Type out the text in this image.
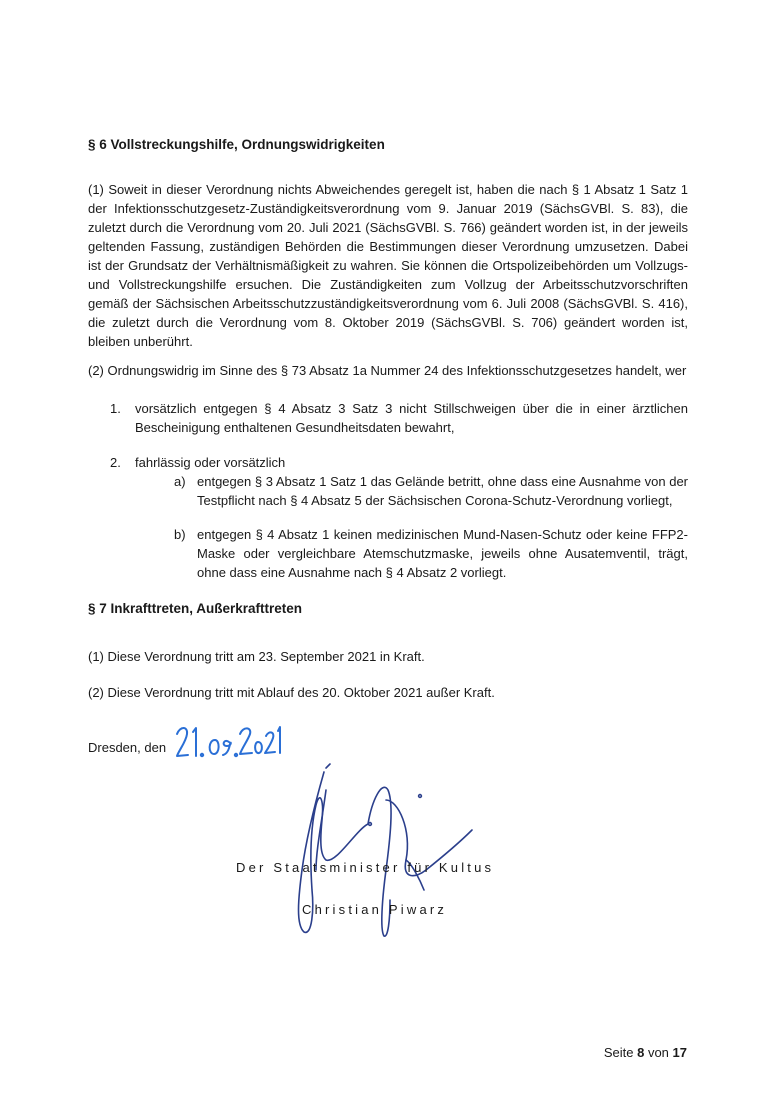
§ 6 Vollstreckungshilfe, Ordnungswidrigkeiten

(1) Soweit in dieser Verordnung nichts Abweichendes geregelt ist, haben die nach § 1 Absatz 1 Satz 1 der Infektionsschutzgesetz-Zuständigkeitsverordnung vom 9. Januar 2019 (SächsGVBl. S. 83), die zuletzt durch die Verordnung vom 20. Juli 2021 (SächsGVBl. S. 766) geändert worden ist, in der jeweils geltenden Fassung, zuständigen Behörden die Bestimmungen dieser Verordnung umzusetzen. Dabei ist der Grundsatz der Verhältnismäßigkeit zu wahren. Sie können die Ortspolizeibehörden um Vollzugs- und Vollstreckungshilfe ersuchen. Die Zuständigkeiten zum Vollzug der Arbeitsschutzvorschriften gemäß der Sächsischen Arbeitsschutzzuständigkeitsverordnung vom 6. Juli 2008 (SächsGVBl. S. 416), die zuletzt durch die Verordnung vom 8. Oktober 2019 (SächsGVBl. S. 706) geändert worden ist, bleiben unberührt.

(2) Ordnungswidrig im Sinne des § 73 Absatz 1a Nummer 24 des Infektionsschutzgesetzes handelt, wer

1. vorsätzlich entgegen § 4 Absatz 3 Satz 3 nicht Stillschweigen über die in einer ärztlichen Bescheinigung enthaltenen Gesundheitsdaten bewahrt,
2. fahrlässig oder vorsätzlich
a) entgegen § 3 Absatz 1 Satz 1 das Gelände betritt, ohne dass eine Ausnahme von der Testpflicht nach § 4 Absatz 5 der Sächsischen Corona-Schutz-Verordnung vorliegt,
b) entgegen § 4 Absatz 1 keinen medizinischen Mund-Nasen-Schutz oder keine FFP2-Maske oder vergleichbare Atemschutzmaske, jeweils ohne Ausatemventil, trägt, ohne dass eine Ausnahme nach § 4 Absatz 2 vorliegt.
§ 7 Inkrafttreten, Außerkrafttreten

(1) Diese Verordnung tritt am 23. September 2021 in Kraft.

(2) Diese Verordnung tritt mit Ablauf des 20. Oktober 2021 außer Kraft.

Dresden, den
Der Staatsminister für Kultus
Christian Piwarz
Seite 8 von 17
